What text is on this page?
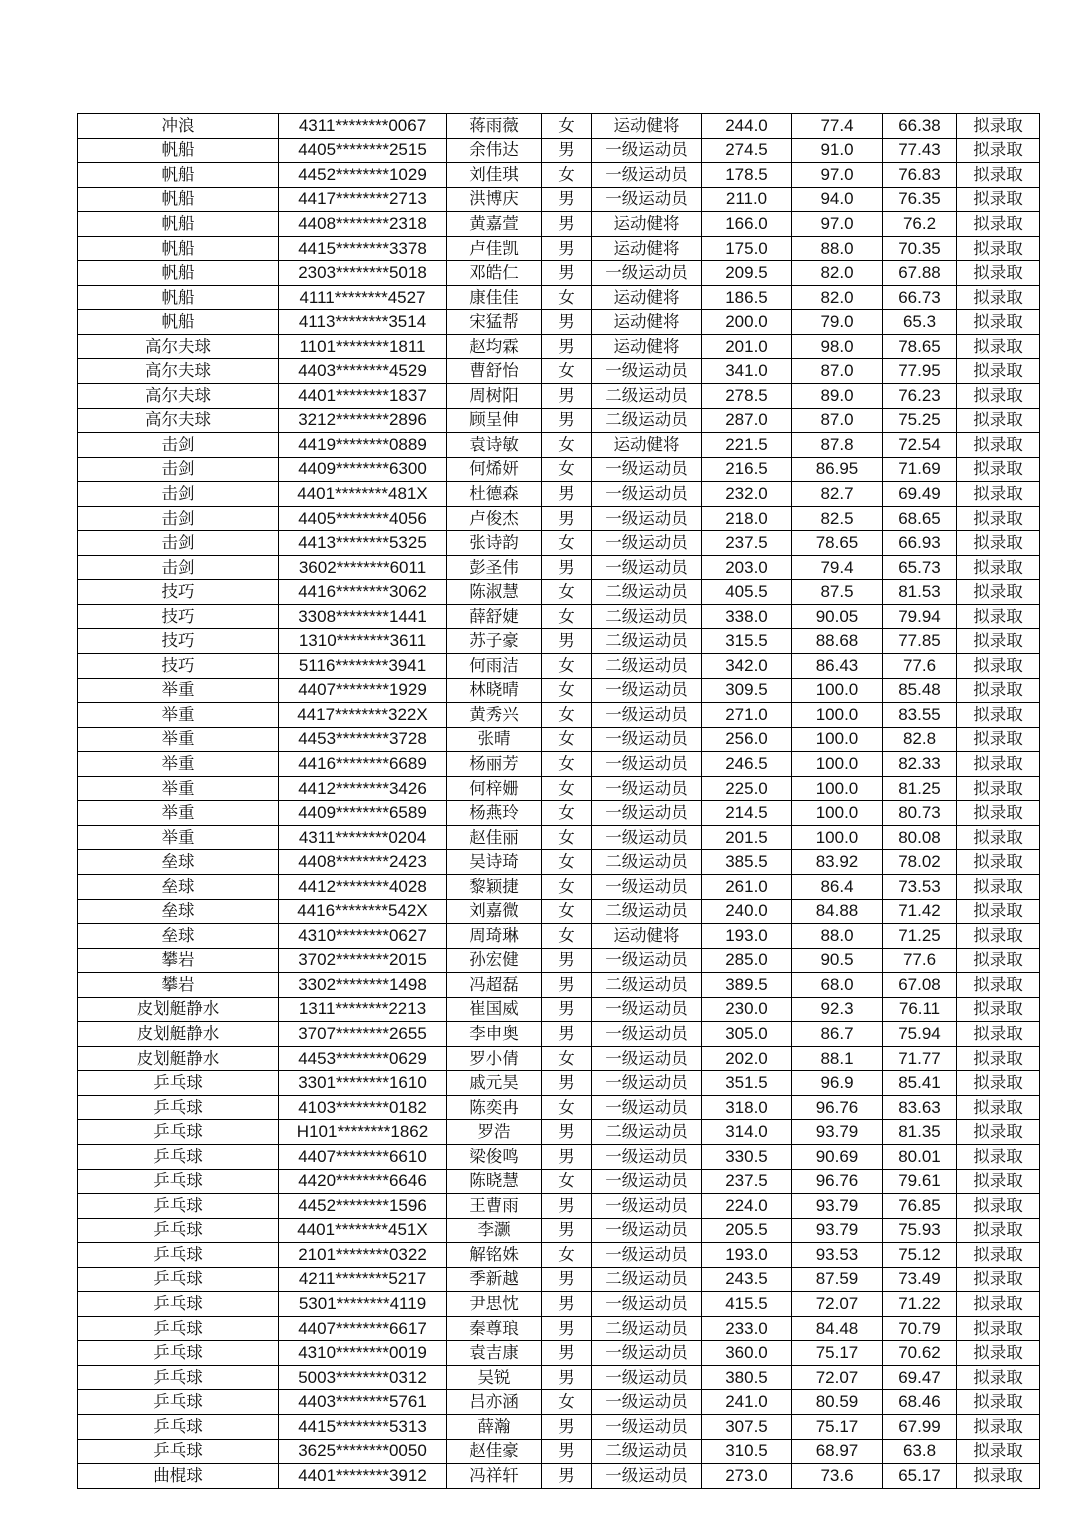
冲浪	4311********0067	蒋雨薇	女	运动健将	244.0	77.4	66.38	拟录取
帆船	4405********2515	余伟达	男	一级运动员	274.5	91.0	77.43	拟录取
帆船	4452********1029	刘佳琪	女	一级运动员	178.5	97.0	76.83	拟录取
帆船	4417********2713	洪博庆	男	一级运动员	211.0	94.0	76.35	拟录取
帆船	4408********2318	黄嘉萱	男	运动健将	166.0	97.0	76.2	拟录取
帆船	4415********3378	卢佳凯	男	运动健将	175.0	88.0	70.35	拟录取
帆船	2303********5018	邓皓仁	男	一级运动员	209.5	82.0	67.88	拟录取
帆船	4111********4527	康佳佳	女	运动健将	186.5	82.0	66.73	拟录取
帆船	4113********3514	宋猛帮	男	运动健将	200.0	79.0	65.3	拟录取
高尔夫球	1101********1811	赵均霖	男	运动健将	201.0	98.0	78.65	拟录取
高尔夫球	4403********4529	曹舒怡	女	一级运动员	341.0	87.0	77.95	拟录取
高尔夫球	4401********1837	周树阳	男	二级运动员	278.5	89.0	76.23	拟录取
高尔夫球	3212********2896	顾呈伸	男	二级运动员	287.0	87.0	75.25	拟录取
击剑	4419********0889	袁诗敏	女	运动健将	221.5	87.8	72.54	拟录取
击剑	4409********6300	何烯妍	女	一级运动员	216.5	86.95	71.69	拟录取
击剑	4401********481X	杜德森	男	一级运动员	232.0	82.7	69.49	拟录取
击剑	4405********4056	卢俊杰	男	一级运动员	218.0	82.5	68.65	拟录取
击剑	4413********5325	张诗韵	女	一级运动员	237.5	78.65	66.93	拟录取
击剑	3602********6011	彭圣伟	男	一级运动员	203.0	79.4	65.73	拟录取
技巧	4416********3062	陈淑慧	女	二级运动员	405.5	87.5	81.53	拟录取
技巧	3308********1441	薛舒婕	女	二级运动员	338.0	90.05	79.94	拟录取
技巧	1310********3611	苏子豪	男	二级运动员	315.5	88.68	77.85	拟录取
技巧	5116********3941	何雨洁	女	二级运动员	342.0	86.43	77.6	拟录取
举重	4407********1929	林晓晴	女	一级运动员	309.5	100.0	85.48	拟录取
举重	4417********322X	黄秀兴	女	一级运动员	271.0	100.0	83.55	拟录取
举重	4453********3728	张晴	女	一级运动员	256.0	100.0	82.8	拟录取
举重	4416********6689	杨丽芳	女	一级运动员	246.5	100.0	82.33	拟录取
举重	4412********3426	何梓姗	女	一级运动员	225.0	100.0	81.25	拟录取
举重	4409********6589	杨燕玲	女	一级运动员	214.5	100.0	80.73	拟录取
举重	4311********0204	赵佳丽	女	一级运动员	201.5	100.0	80.08	拟录取
垒球	4408********2423	吴诗琦	女	二级运动员	385.5	83.92	78.02	拟录取
垒球	4412********4028	黎颖捷	女	一级运动员	261.0	86.4	73.53	拟录取
垒球	4416********542X	刘嘉微	女	二级运动员	240.0	84.88	71.42	拟录取
垒球	4310********0627	周琦琳	女	运动健将	193.0	88.0	71.25	拟录取
攀岩	3702********2015	孙宏健	男	一级运动员	285.0	90.5	77.6	拟录取
攀岩	3302********1498	冯超磊	男	二级运动员	389.5	68.0	67.08	拟录取
皮划艇静水	1311********2213	崔国威	男	一级运动员	230.0	92.3	76.11	拟录取
皮划艇静水	3707********2655	李申奥	男	一级运动员	305.0	86.7	75.94	拟录取
皮划艇静水	4453********0629	罗小倩	女	一级运动员	202.0	88.1	71.77	拟录取
乒乓球	3301********1610	戚元昊	男	一级运动员	351.5	96.9	85.41	拟录取
乒乓球	4103********0182	陈奕冉	女	一级运动员	318.0	96.76	83.63	拟录取
乒乓球	H101********1862	罗浩	男	二级运动员	314.0	93.79	81.35	拟录取
乒乓球	4407********6610	梁俊鸣	男	一级运动员	330.5	90.69	80.01	拟录取
乒乓球	4420********6646	陈晓慧	女	一级运动员	237.5	96.76	79.61	拟录取
乒乓球	4452********1596	王曹雨	男	一级运动员	224.0	93.79	76.85	拟录取
乒乓球	4401********451X	李灏	男	一级运动员	205.5	93.79	75.93	拟录取
乒乓球	2101********0322	解铭姝	女	一级运动员	193.0	93.53	75.12	拟录取
乒乓球	4211********5217	季新越	男	二级运动员	243.5	87.59	73.49	拟录取
乒乓球	5301********4119	尹思忱	男	一级运动员	415.5	72.07	71.22	拟录取
乒乓球	4407********6617	秦尊琅	男	二级运动员	233.0	84.48	70.79	拟录取
乒乓球	4310********0019	袁吉康	男	一级运动员	360.0	75.17	70.62	拟录取
乒乓球	5003********0312	吴锐	男	一级运动员	380.5	72.07	69.47	拟录取
乒乓球	4403********5761	吕亦涵	女	一级运动员	241.0	80.59	68.46	拟录取
乒乓球	4415********5313	薛瀚	男	一级运动员	307.5	75.17	67.99	拟录取
乒乓球	3625********0050	赵佳豪	男	二级运动员	310.5	68.97	63.8	拟录取
曲棍球	4401********3912	冯祥轩	男	一级运动员	273.0	73.6	65.17	拟录取
